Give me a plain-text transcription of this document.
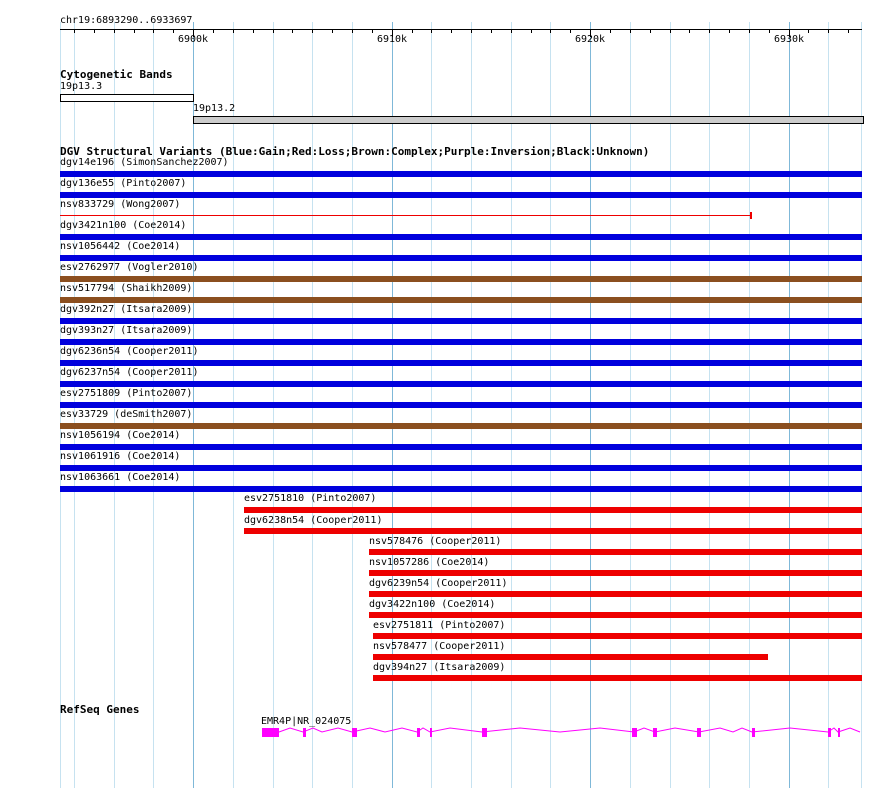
chr19:6893290..6933697
6900k	6910k	6920k	6930k
Cytogenetic Bands
19p13.3
19p13.2
DGV Structural Variants (Blue:Gain;Red:Loss;Brown:Complex;Purple:Inversion;Black:Unknown)
dgv14e196 (SimonSanchez2007)
dgv136e55 (Pinto2007)
nsv833729 (Wong2007)
dgv3421n100 (Coe2014)
nsv1056442 (Coe2014)
esv2762977 (Vogler2010)
nsv517794 (Shaikh2009)
dgv392n27 (Itsara2009)
dgv393n27 (Itsara2009)
dgv6236n54 (Cooper2011)
dgv6237n54 (Cooper2011)
esv2751809 (Pinto2007)
esv33729 (deSmith2007)
nsv1056194 (Coe2014)
nsv1061916 (Coe2014)
nsv1063661 (Coe2014)
esv2751810 (Pinto2007)
dgv6238n54 (Cooper2011)
nsv578476 (Cooper2011)
nsv1057286 (Coe2014)
dgv6239n54 (Cooper2011)
dgv3422n100 (Coe2014)
esv2751811 (Pinto2007)
nsv578477 (Cooper2011)
dgv394n27 (Itsara2009)
RefSeq Genes
EMR4P|NR_024075
